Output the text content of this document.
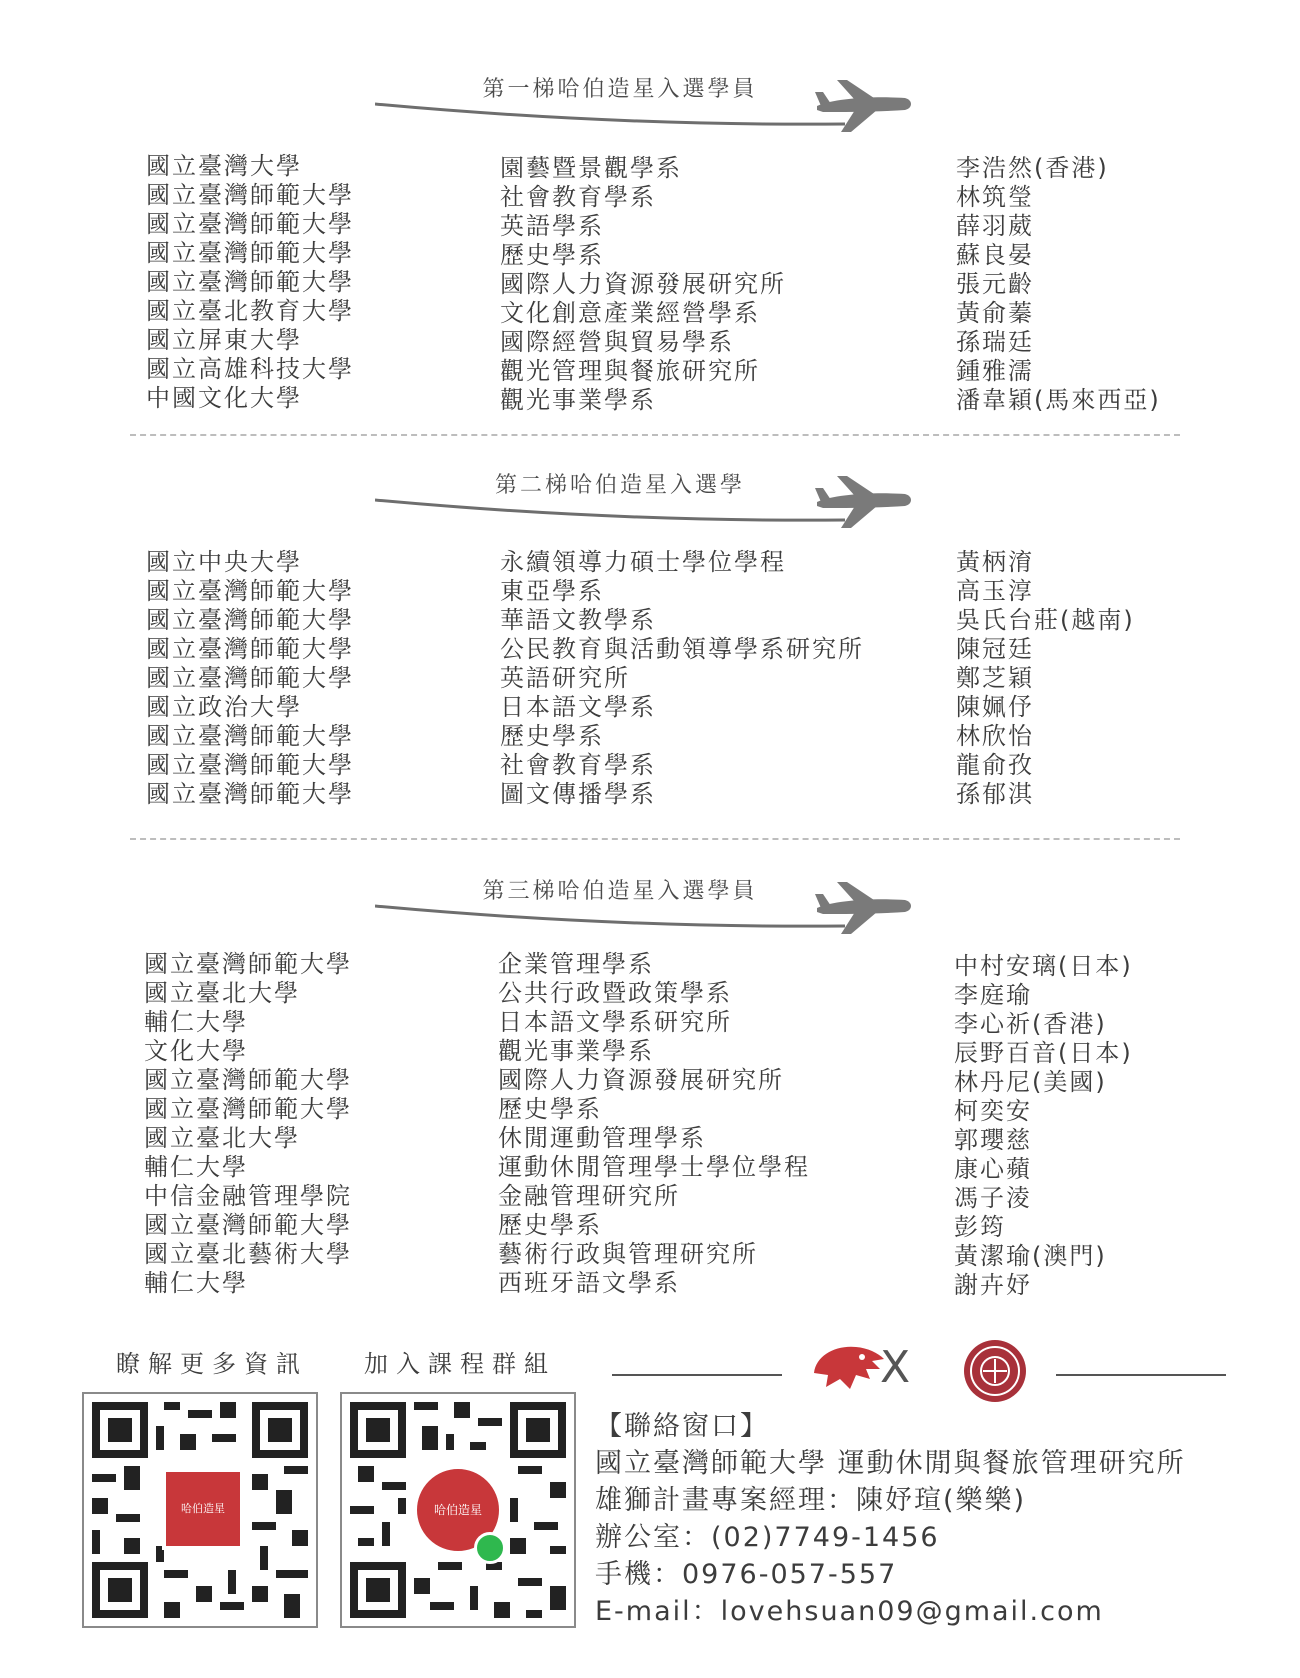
第一梯哈伯造星入選學員
國立臺灣大學
國立臺灣師範大學
國立臺灣師範大學
國立臺灣師範大學
國立臺灣師範大學
國立臺北教育大學
國立屏東大學
國立高雄科技大學
中國文化大學
園藝暨景觀學系
社會教育學系
英語學系
歷史學系
國際人力資源發展研究所
文化創意產業經營學系
國際經營與貿易學系
觀光管理與餐旅研究所
觀光事業學系
李浩然(香港)
林筑瑩
薛羽葳
蘇良晏
張元齡
黃俞蓁
孫瑞廷
鍾雅濡
潘韋穎(馬來西亞)
第二梯哈伯造星入選學
國立中央大學
國立臺灣師範大學
國立臺灣師範大學
國立臺灣師範大學
國立臺灣師範大學
國立政治大學
國立臺灣師範大學
國立臺灣師範大學
國立臺灣師範大學
永續領導力碩士學位學程
東亞學系
華語文教學系
公民教育與活動領導學系研究所
英語研究所
日本語文學系
歷史學系
社會教育學系
圖文傳播學系
黃柄淯
高玉淳
吳氏台莊(越南)
陳冠廷
鄭芝穎
陳姵伃
林欣怡
龍俞孜
孫郁淇
第三梯哈伯造星入選學員
國立臺灣師範大學
國立臺北大學
輔仁大學
文化大學
國立臺灣師範大學
國立臺灣師範大學
國立臺北大學
輔仁大學
中信金融管理學院
國立臺灣師範大學
國立臺北藝術大學
輔仁大學
企業管理學系
公共行政暨政策學系
日本語文學系研究所
觀光事業學系
國際人力資源發展研究所
歷史學系
休閒運動管理學系
運動休閒管理學士學位學程
金融管理研究所
歷史學系
藝術行政與管理研究所
西班牙語文學系
中村安璃(日本)
李庭瑜
李心祈(香港)
辰野百音(日本)
林丹尼(美國)
柯奕安
郭瓔慈
康心蘋
馮子淩
彭筠
黃潔瑜(澳門)
謝卉妤
瞭解更多資訊	加入課程群組
哈伯造星	哈伯造星
X
【聯絡窗口】
國立臺灣師範大學 運動休閒與餐旅管理研究所
雄獅計畫專案經理：陳妤瑄(樂樂)
辦公室：(02)7749-1456
手機：0976-057-557
E-mail：lovehsuan09@gmail.com
